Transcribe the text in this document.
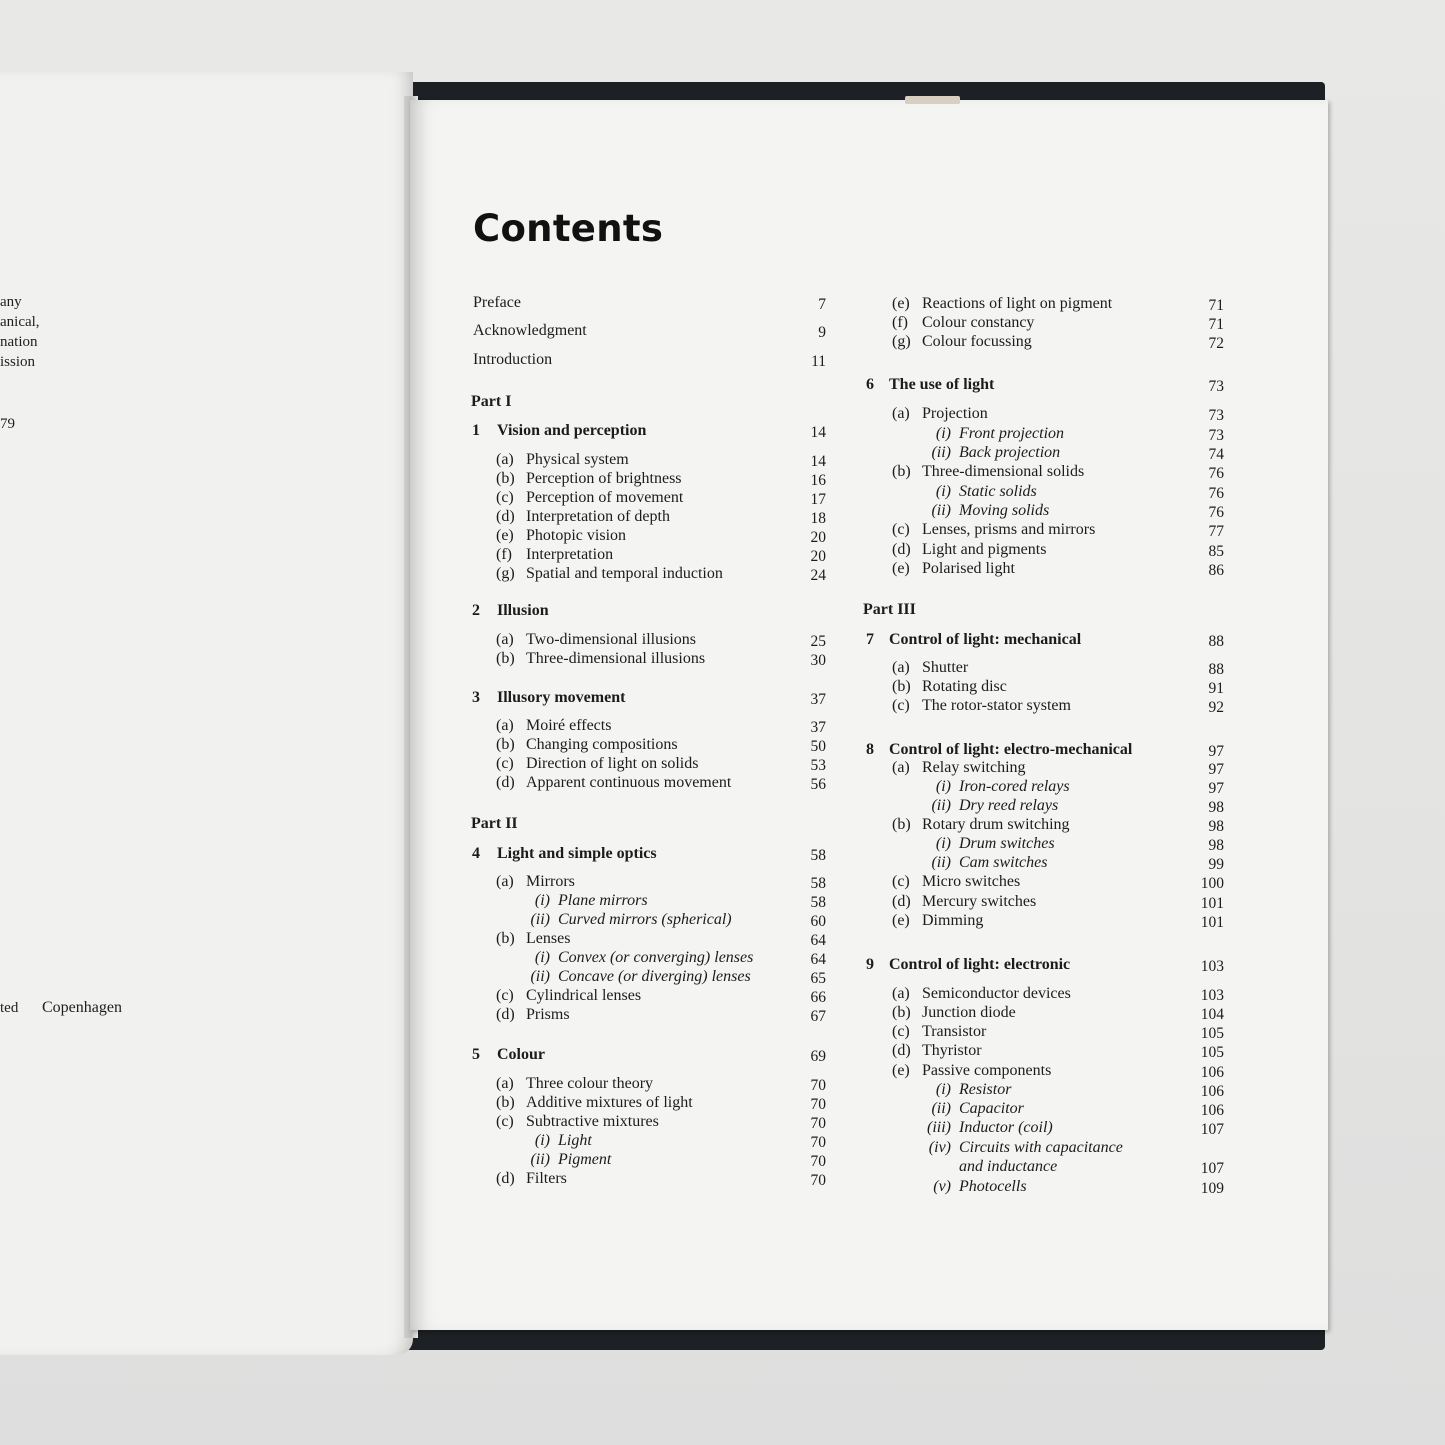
any
anical,
nation
ission
79
ted Copenhagen
Contents
Preface	7
Acknowledgment	9
Introduction	11
Part I
1 Vision and perception	14
(a) Physical system	14
(b) Perception of brightness	16
(c) Perception of movement	17
(d) Interpretation of depth	18
(e) Photopic vision	20
(f) Interpretation	20
(g) Spatial and temporal induction	24
2 Illusion
(a) Two-dimensional illusions	25
(b) Three-dimensional illusions	30
3 Illusory movement	37
(a) Moiré effects	37
(b) Changing compositions	50
(c) Direction of light on solids	53
(d) Apparent continuous movement	56
Part II
4 Light and simple optics	58
(a) Mirrors	58
(i) Plane mirrors	58
(ii) Curved mirrors (spherical)	60
(b) Lenses	64
(i) Convex (or converging) lenses	64
(ii) Concave (or diverging) lenses	65
(c) Cylindrical lenses	66
(d) Prisms	67
5 Colour	69
(a) Three colour theory	70
(b) Additive mixtures of light	70
(c) Subtractive mixtures	70
(i) Light	70
(ii) Pigment	70
(d) Filters	70
(e) Reactions of light on pigment	71
(f) Colour constancy	71
(g) Colour focussing	72
6 The use of light	73
(a) Projection	73
(i) Front projection	73
(ii) Back projection	74
(b) Three-dimensional solids	76
(i) Static solids	76
(ii) Moving solids	76
(c) Lenses, prisms and mirrors	77
(d) Light and pigments	85
(e) Polarised light	86
Part III
7 Control of light: mechanical	88
(a) Shutter	88
(b) Rotating disc	91
(c) The rotor-stator system	92
8 Control of light: electro-mechanical	97
(a) Relay switching	97
(i) Iron-cored relays	97
(ii) Dry reed relays	98
(b) Rotary drum switching	98
(i) Drum switches	98
(ii) Cam switches	99
(c) Micro switches	100
(d) Mercury switches	101
(e) Dimming	101
9 Control of light: electronic	103
(a) Semiconductor devices	103
(b) Junction diode	104
(c) Transistor	105
(d) Thyristor	105
(e) Passive components	106
(i) Resistor	106
(ii) Capacitor	106
(iii) Inductor (coil)	107
(iv) Circuits with capacitance
and inductance	107
(v) Photocells	109
